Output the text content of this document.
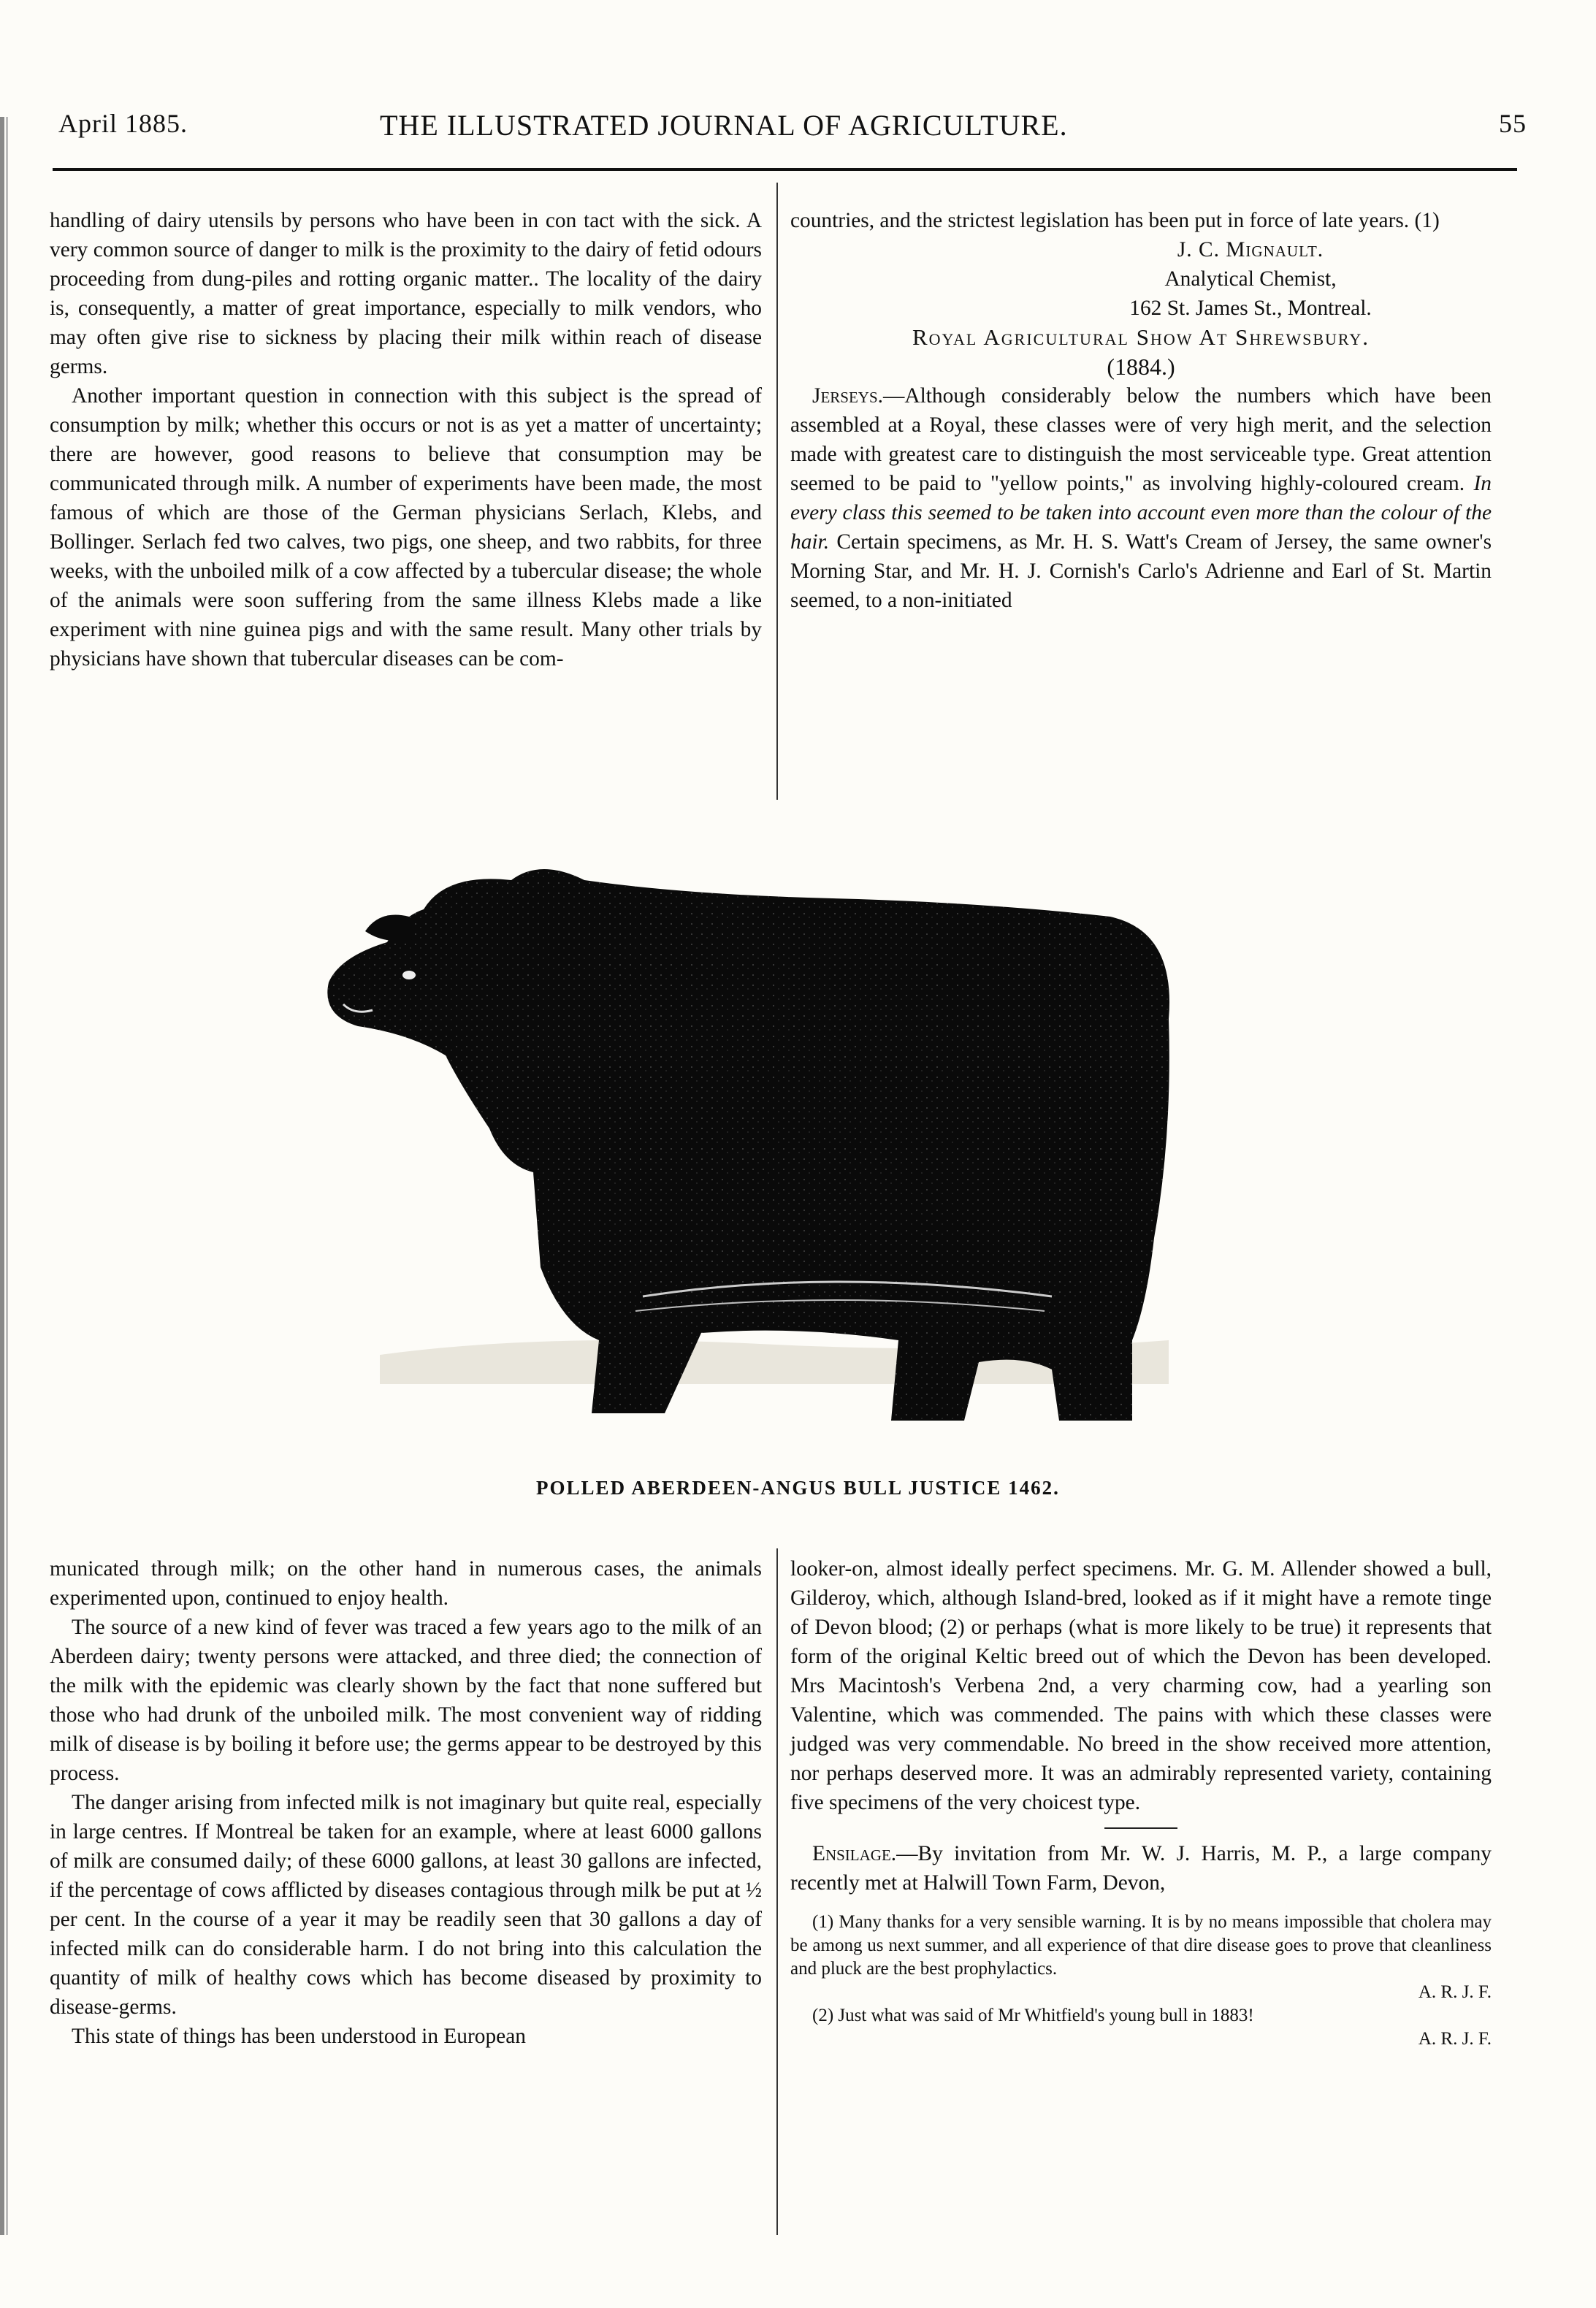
April 1885.	THE ILLUSTRATED JOURNAL OF AGRICULTURE.	55

handling of dairy utensils by persons who have been in con tact with the sick. A very common source of danger to milk is the proximity to the dairy of fetid odours proceeding from dung-piles and rotting organic matter.. The locality of the dairy is, consequently, a matter of great importance, especially to milk vendors, who may often give rise to sickness by placing their milk within reach of disease germs.

Another important question in connection with this subject is the spread of consumption by milk; whether this occurs or not is as yet a matter of uncertainty; there are however, good reasons to believe that consumption may be communicated through milk. A number of experiments have been made, the most famous of which are those of the German physicians Serlach, Klebs, and Bollinger. Serlach fed two calves, two pigs, one sheep, and two rabbits, for three weeks, with the unboiled milk of a cow affected by a tubercular disease; the whole of the animals were soon suffering from the same illness Klebs made a like experiment with nine guinea pigs and with the same result. Many other trials by physicians have shown that tubercular diseases can be com-

countries, and the strictest legislation has been put in force of late years. (1)

J. C. Mignault.

Analytical Chemist,

162 St. James St., Montreal.

Royal Agricultural Show At Shrewsbury.

(1884.)

Jerseys.—Although considerably below the numbers which have been assembled at a Royal, these classes were of very high merit, and the selection made with greatest care to distinguish the most serviceable type. Great attention seemed to be paid to "yellow points," as involving highly-coloured cream. In every class this seemed to be taken into account even more than the colour of the hair. Certain specimens, as Mr. H. S. Watt's Cream of Jersey, the same owner's Morning Star, and Mr. H. J. Cornish's Carlo's Adrienne and Earl of St. Martin seemed, to a non-initiated

POLLED ABERDEEN-ANGUS BULL JUSTICE 1462.

municated through milk; on the other hand in numerous cases, the animals experimented upon, continued to enjoy health.

The source of a new kind of fever was traced a few years ago to the milk of an Aberdeen dairy; twenty persons were attacked, and three died; the connection of the milk with the epidemic was clearly shown by the fact that none suffered but those who had drunk of the unboiled milk. The most convenient way of ridding milk of disease is by boiling it before use; the germs appear to be destroyed by this process.

The danger arising from infected milk is not imaginary but quite real, especially in large centres. If Montreal be taken for an example, where at least 6000 gallons of milk are consumed daily; of these 6000 gallons, at least 30 gallons are infected, if the percentage of cows afflicted by diseases contagious through milk be put at ½ per cent. In the course of a year it may be readily seen that 30 gallons a day of infected milk can do considerable harm. I do not bring into this calculation the quantity of milk of healthy cows which has become diseased by proximity to disease-germs.

This state of things has been understood in European

looker-on, almost ideally perfect specimens. Mr. G. M. Allender showed a bull, Gilderoy, which, although Island-bred, looked as if it might have a remote tinge of Devon blood; (2) or perhaps (what is more likely to be true) it represents that form of the original Keltic breed out of which the Devon has been developed. Mrs Macintosh's Verbena 2nd, a very charming cow, had a yearling son Valentine, which was commended. The pains with which these classes were judged was very commendable. No breed in the show received more attention, nor perhaps deserved more. It was an admirably represented variety, containing five specimens of the very choicest type.

Ensilage.—By invitation from Mr. W. J. Harris, M. P., a large company recently met at Halwill Town Farm, Devon,

(1) Many thanks for a very sensible warning. It is by no means impossible that cholera may be among us next summer, and all experience of that dire disease goes to prove that cleanliness and pluck are the best prophylactics.

A. R. J. F.

(2) Just what was said of Mr Whitfield's young bull in 1883!

A. R. J. F.
